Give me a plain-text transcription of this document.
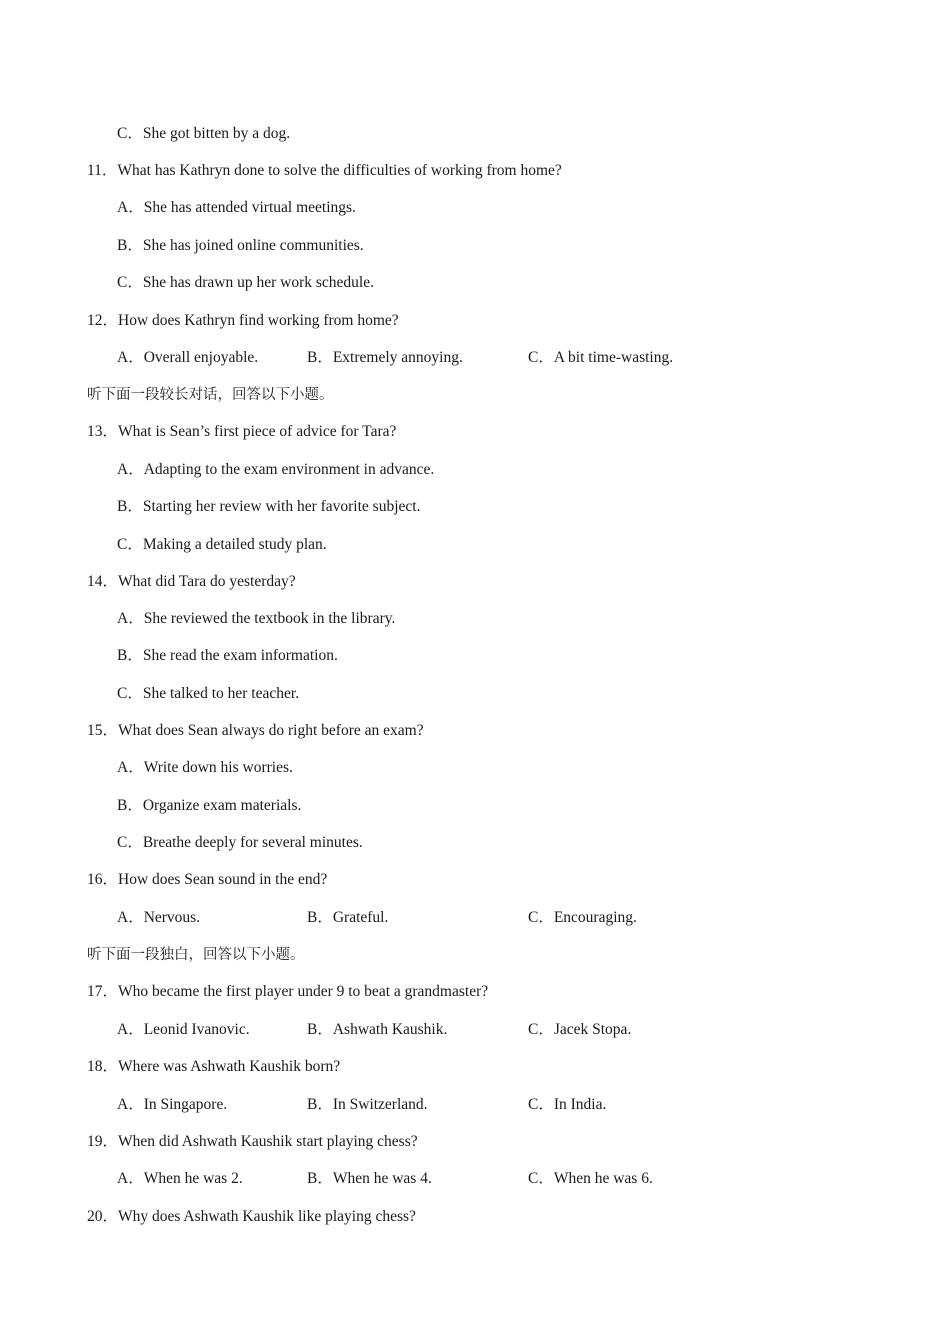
C．She got bitten by a dog.
11．What has Kathryn done to solve the difficulties of working from home?
A．She has attended virtual meetings.
B．She has joined online communities.
C．She has drawn up her work schedule.
12．How does Kathryn find working from home?
A．Overall enjoyable.	B．Extremely annoying.	C．A bit time-wasting.
听下面一段较长对话，回答以下小题。
13．What is Sean’s first piece of advice for Tara?
A．Adapting to the exam environment in advance.
B．Starting her review with her favorite subject.
C．Making a detailed study plan.
14．What did Tara do yesterday?
A．She reviewed the textbook in the library.
B．She read the exam information.
C．She talked to her teacher.
15．What does Sean always do right before an exam?
A．Write down his worries.
B．Organize exam materials.
C．Breathe deeply for several minutes.
16．How does Sean sound in the end?
A．Nervous.	B．Grateful.	C．Encouraging.
听下面一段独白，回答以下小题。
17．Who became the first player under 9 to beat a grandmaster?
A．Leonid Ivanovic.	B．Ashwath Kaushik.	C．Jacek Stopa.
18．Where was Ashwath Kaushik born?
A．In Singapore.	B．In Switzerland.	C．In India.
19．When did Ashwath Kaushik start playing chess?
A．When he was 2.	B．When he was 4.	C．When he was 6.
20．Why does Ashwath Kaushik like playing chess?
